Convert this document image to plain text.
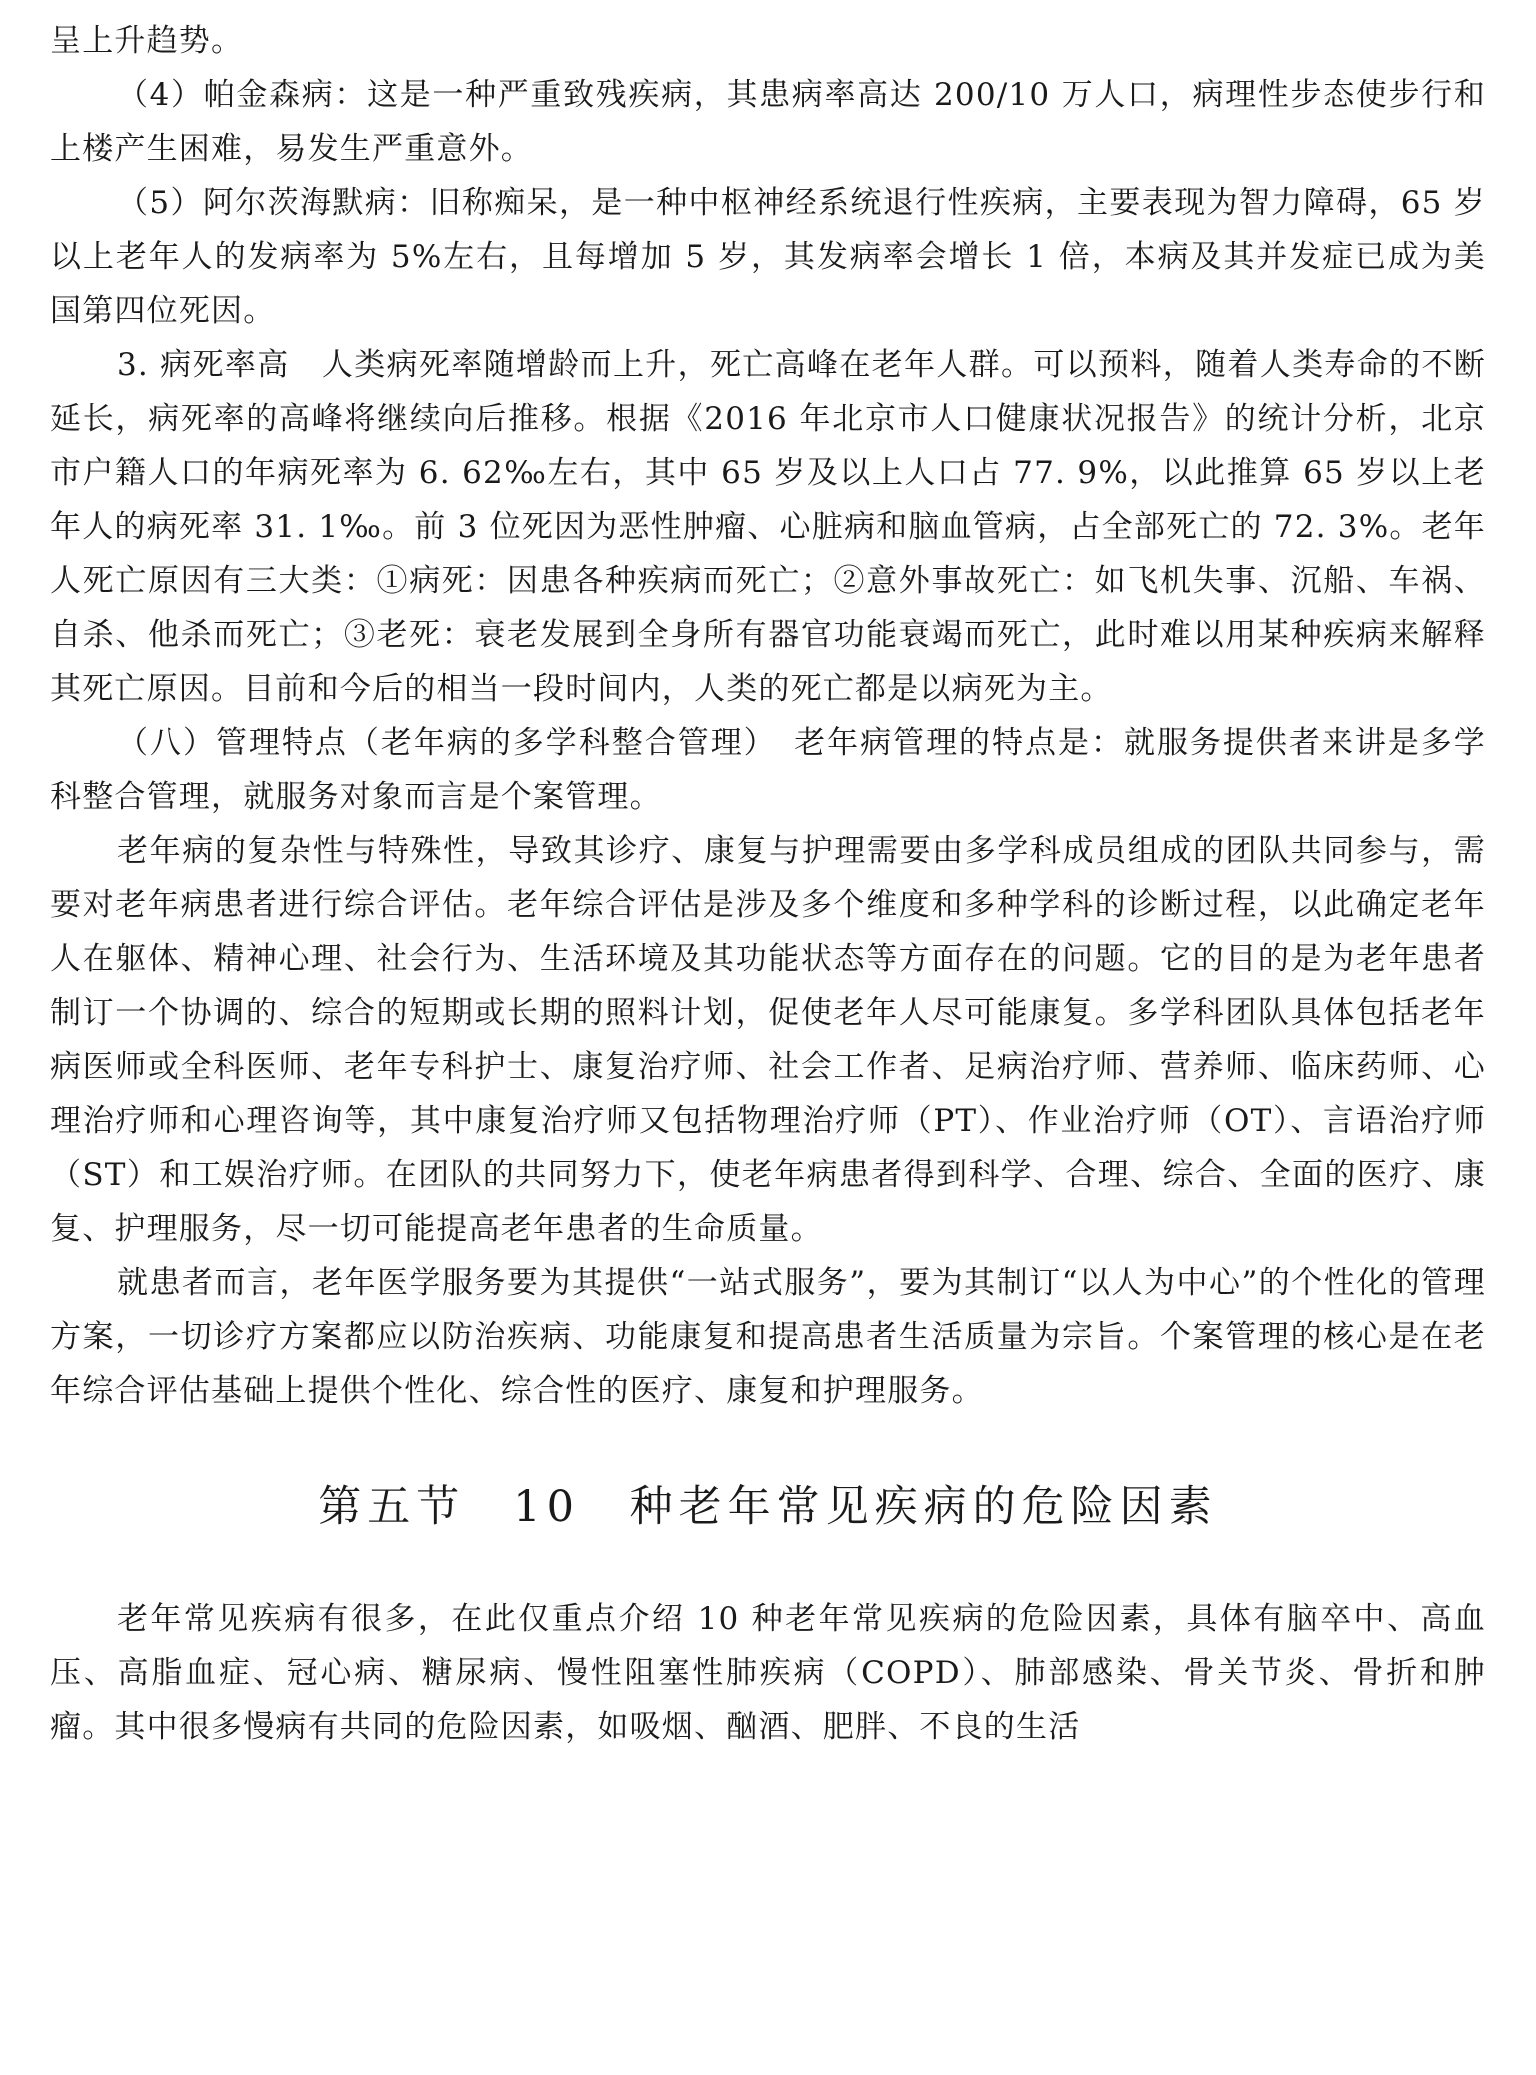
呈上升趋势。

（4）帕金森病：这是一种严重致残疾病，其患病率高达 200/10 万人口，病理性步态使步行和上楼产生困难，易发生严重意外。

（5）阿尔茨海默病：旧称痴呆，是一种中枢神经系统退行性疾病，主要表现为智力障碍，65 岁以上老年人的发病率为 5%左右，且每增加 5 岁，其发病率会增长 1 倍，本病及其并发症已成为美国第四位死因。

3. 病死率高　人类病死率随增龄而上升，死亡高峰在老年人群。可以预料，随着人类寿命的不断延长，病死率的高峰将继续向后推移。根据《2016 年北京市人口健康状况报告》的统计分析，北京市户籍人口的年病死率为 6. 62‰左右，其中 65 岁及以上人口占 77. 9%，以此推算 65 岁以上老年人的病死率 31. 1‰。前 3 位死因为恶性肿瘤、心脏病和脑血管病，占全部死亡的 72. 3%。老年人死亡原因有三大类：①病死：因患各种疾病而死亡；②意外事故死亡：如飞机失事、沉船、车祸、自杀、他杀而死亡；③老死：衰老发展到全身所有器官功能衰竭而死亡，此时难以用某种疾病来解释其死亡原因。目前和今后的相当一段时间内，人类的死亡都是以病死为主。

（八）管理特点（老年病的多学科整合管理）　老年病管理的特点是：就服务提供者来讲是多学科整合管理，就服务对象而言是个案管理。

老年病的复杂性与特殊性，导致其诊疗、康复与护理需要由多学科成员组成的团队共同参与，需要对老年病患者进行综合评估。老年综合评估是涉及多个维度和多种学科的诊断过程，以此确定老年人在躯体、精神心理、社会行为、生活环境及其功能状态等方面存在的问题。它的目的是为老年患者制订一个协调的、综合的短期或长期的照料计划，促使老年人尽可能康复。多学科团队具体包括老年病医师或全科医师、老年专科护士、康复治疗师、社会工作者、足病治疗师、营养师、临床药师、心理治疗师和心理咨询等，其中康复治疗师又包括物理治疗师（PT）、作业治疗师（OT）、言语治疗师（ST）和工娱治疗师。在团队的共同努力下，使老年病患者得到科学、合理、综合、全面的医疗、康复、护理服务，尽一切可能提高老年患者的生命质量。

就患者而言，老年医学服务要为其提供“一站式服务”，要为其制订“以人为中心”的个性化的管理方案，一切诊疗方案都应以防治疾病、功能康复和提高患者生活质量为宗旨。个案管理的核心是在老年综合评估基础上提供个性化、综合性的医疗、康复和护理服务。

第五节 10 种老年常见疾病的危险因素

老年常见疾病有很多，在此仅重点介绍 10 种老年常见疾病的危险因素，具体有脑卒中、高血压、高脂血症、冠心病、糖尿病、慢性阻塞性肺疾病（COPD）、肺部感染、骨关节炎、骨折和肿瘤。其中很多慢病有共同的危险因素，如吸烟、酗酒、肥胖、不良的生活
